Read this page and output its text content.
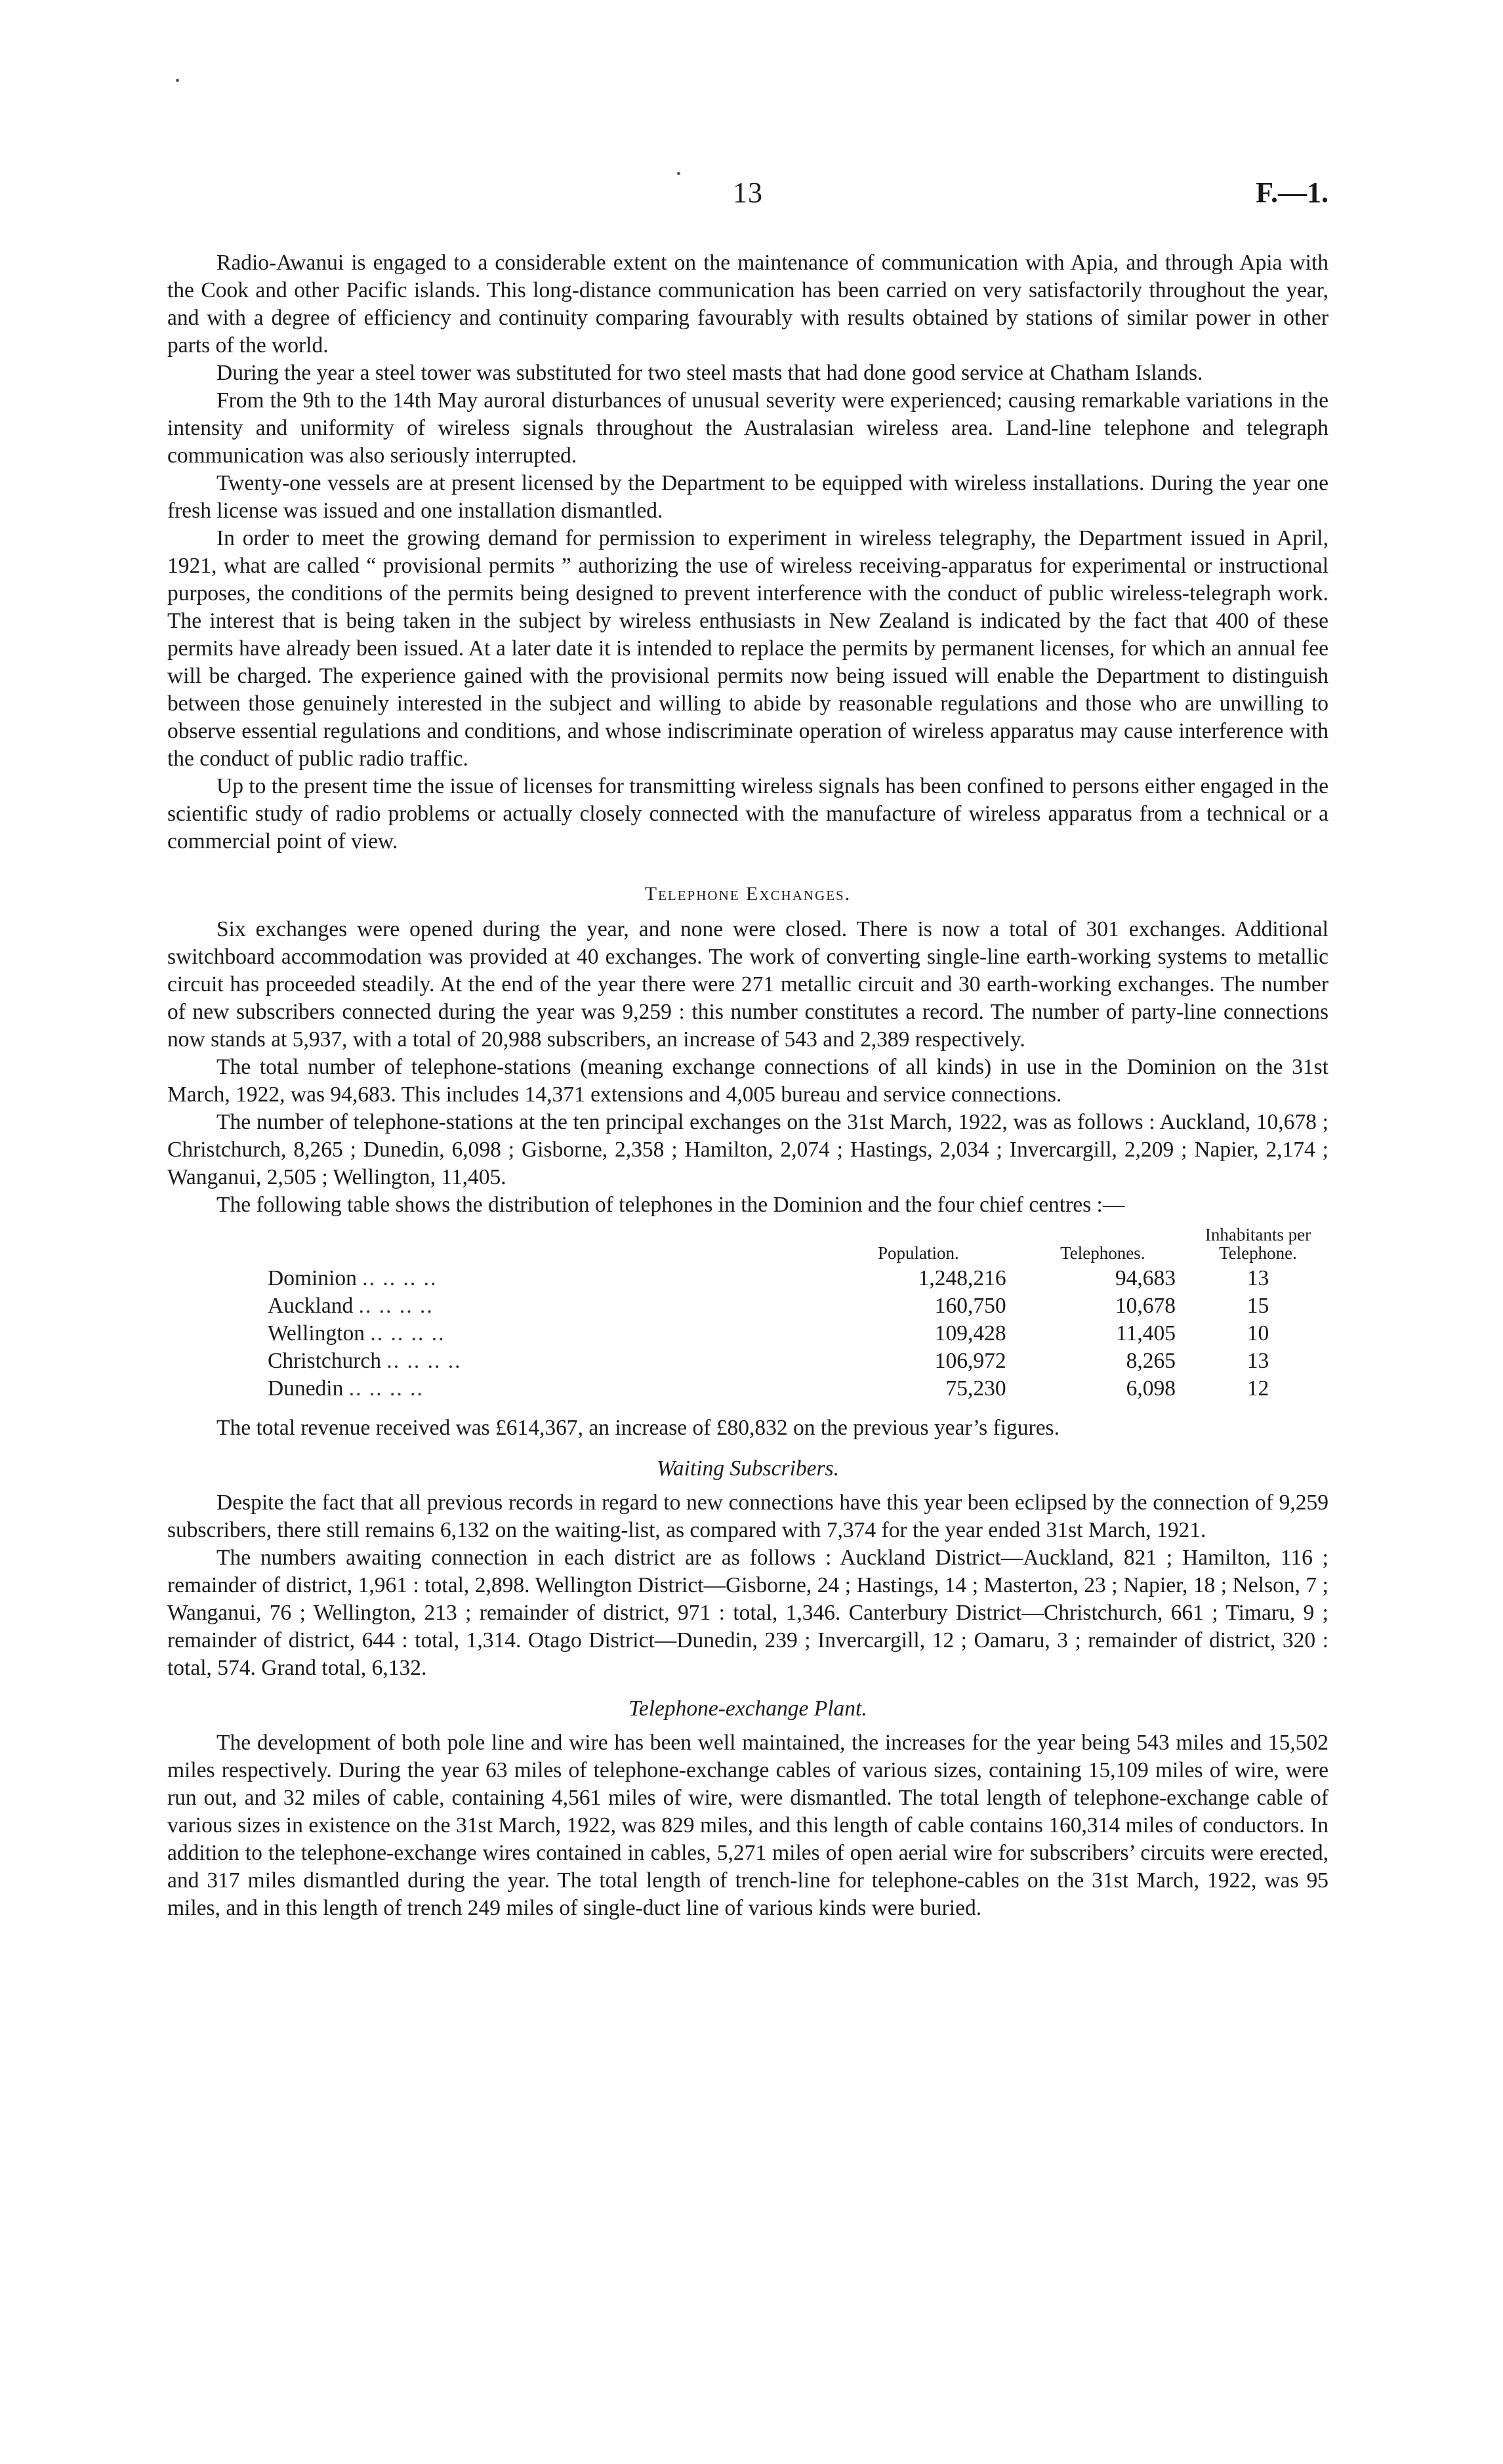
13	F.—1.

Radio-Awanui is engaged to a considerable extent on the maintenance of communication with Apia, and through Apia with the Cook and other Pacific islands. This long-distance communication has been carried on very satisfactorily throughout the year, and with a degree of efficiency and continuity comparing favourably with results obtained by stations of similar power in other parts of the world.

During the year a steel tower was substituted for two steel masts that had done good service at Chatham Islands.

From the 9th to the 14th May auroral disturbances of unusual severity were experienced; causing remarkable variations in the intensity and uniformity of wireless signals throughout the Australasian wireless area. Land-line telephone and telegraph communication was also seriously interrupted.

Twenty-one vessels are at present licensed by the Department to be equipped with wireless installations. During the year one fresh license was issued and one installation dismantled.

In order to meet the growing demand for permission to experiment in wireless telegraphy, the Department issued in April, 1921, what are called “ provisional permits ” authorizing the use of wireless receiving-apparatus for experimental or instructional purposes, the conditions of the permits being designed to prevent interference with the conduct of public wireless-telegraph work. The interest that is being taken in the subject by wireless enthusiasts in New Zealand is indicated by the fact that 400 of these permits have already been issued. At a later date it is intended to replace the permits by permanent licenses, for which an annual fee will be charged. The experience gained with the provisional permits now being issued will enable the Department to distinguish between those genuinely interested in the subject and willing to abide by reasonable regulations and those who are unwilling to observe essential regulations and conditions, and whose indiscriminate operation of wireless apparatus may cause interference with the conduct of public radio traffic.

Up to the present time the issue of licenses for transmitting wireless signals has been confined to persons either engaged in the scientific study of radio problems or actually closely connected with the manufacture of wireless apparatus from a technical or a commercial point of view.

Telephone Exchanges.

Six exchanges were opened during the year, and none were closed. There is now a total of 301 exchanges. Additional switchboard accommodation was provided at 40 exchanges. The work of converting single-line earth-working systems to metallic circuit has proceeded steadily. At the end of the year there were 271 metallic circuit and 30 earth-working exchanges. The number of new subscribers connected during the year was 9,259 : this number constitutes a record. The number of party-line connections now stands at 5,937, with a total of 20,988 subscribers, an increase of 543 and 2,389 respectively.

The total number of telephone-stations (meaning exchange connections of all kinds) in use in the Dominion on the 31st March, 1922, was 94,683. This includes 14,371 extensions and 4,005 bureau and service connections.

The number of telephone-stations at the ten principal exchanges on the 31st March, 1922, was as follows : Auckland, 10,678 ; Christchurch, 8,265 ; Dunedin, 6,098 ; Gisborne, 2,358 ; Hamilton, 2,074 ; Hastings, 2,034 ; Invercargill, 2,209 ; Napier, 2,174 ; Wanganui, 2,505 ; Wellington, 11,405.

The following table shows the distribution of telephones in the Dominion and the four chief centres :—

	Population.	Telephones.	Inhabitants per Telephone.
Dominion .. .. .. ..	1,248,216	94,683	13
Auckland .. .. .. ..	160,750	10,678	15
Wellington .. .. .. ..	109,428	11,405	10
Christchurch .. .. .. ..	106,972	8,265	13
Dunedin .. .. .. ..	75,230	6,098	12

The total revenue received was £614,367, an increase of £80,832 on the previous year’s figures.

Waiting Subscribers.

Despite the fact that all previous records in regard to new connections have this year been eclipsed by the connection of 9,259 subscribers, there still remains 6,132 on the waiting-list, as compared with 7,374 for the year ended 31st March, 1921.

The numbers awaiting connection in each district are as follows : Auckland District—Auckland, 821 ; Hamilton, 116 ; remainder of district, 1,961 : total, 2,898. Wellington District—Gisborne, 24 ; Hastings, 14 ; Masterton, 23 ; Napier, 18 ; Nelson, 7 ; Wanganui, 76 ; Wellington, 213 ; remainder of district, 971 : total, 1,346. Canterbury District—Christchurch, 661 ; Timaru, 9 ; remainder of district, 644 : total, 1,314. Otago District—Dunedin, 239 ; Invercargill, 12 ; Oamaru, 3 ; remainder of district, 320 : total, 574. Grand total, 6,132.

Telephone-exchange Plant.

The development of both pole line and wire has been well maintained, the increases for the year being 543 miles and 15,502 miles respectively. During the year 63 miles of telephone-exchange cables of various sizes, containing 15,109 miles of wire, were run out, and 32 miles of cable, containing 4,561 miles of wire, were dismantled. The total length of telephone-exchange cable of various sizes in existence on the 31st March, 1922, was 829 miles, and this length of cable contains 160,314 miles of conductors. In addition to the telephone-exchange wires contained in cables, 5,271 miles of open aerial wire for subscribers’ circuits were erected, and 317 miles dismantled during the year. The total length of trench-line for telephone-cables on the 31st March, 1922, was 95 miles, and in this length of trench 249 miles of single-duct line of various kinds were buried.
